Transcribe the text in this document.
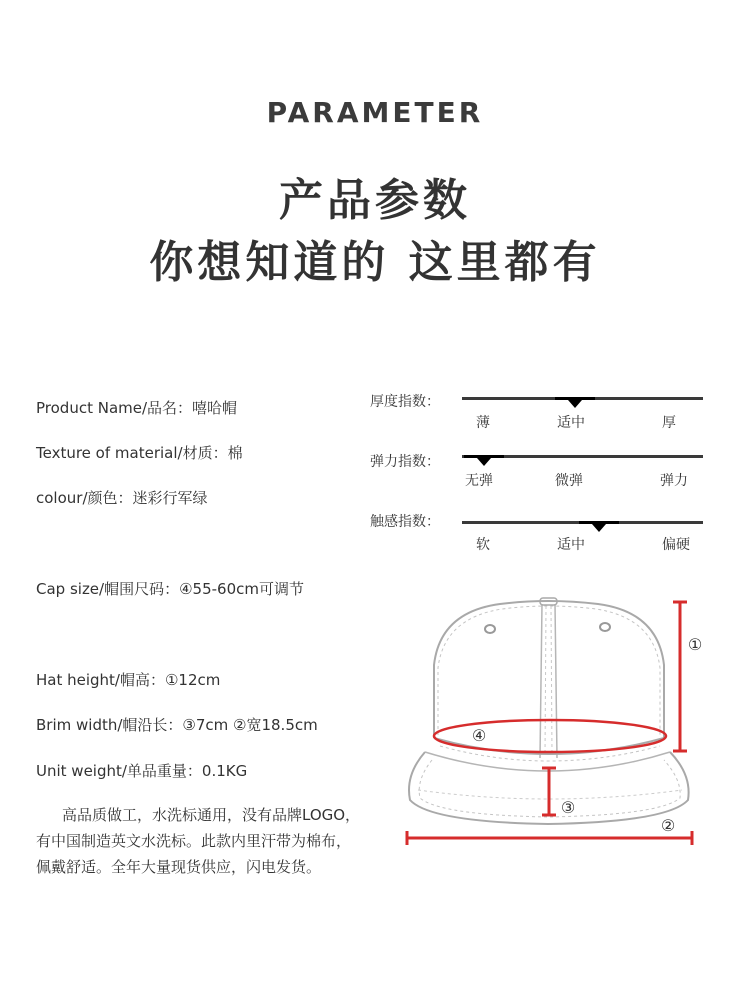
PARAMETER
产品参数
你想知道的 这里都有
Product Name/品名：嘻哈帽
Texture of material/材质：棉
colour/颜色：迷彩行军绿
Cap size/帽围尺码：④55-60cm可调节
Hat height/帽高：①12cm
Brim width/帽沿长：③7cm ②宽18.5cm
Unit weight/单品重量：0.1KG

高品质做工，水洗标通用，没有品牌LOGO，

有中国制造英文水洗标。此款内里汗带为棉布，

佩戴舒适。全年大量现货供应，闪电发货。

厚度指数：
薄	适中	厚
弹力指数：
无弹	微弹	弹力
触感指数：
软	适中	偏硬
①
②
③
④
